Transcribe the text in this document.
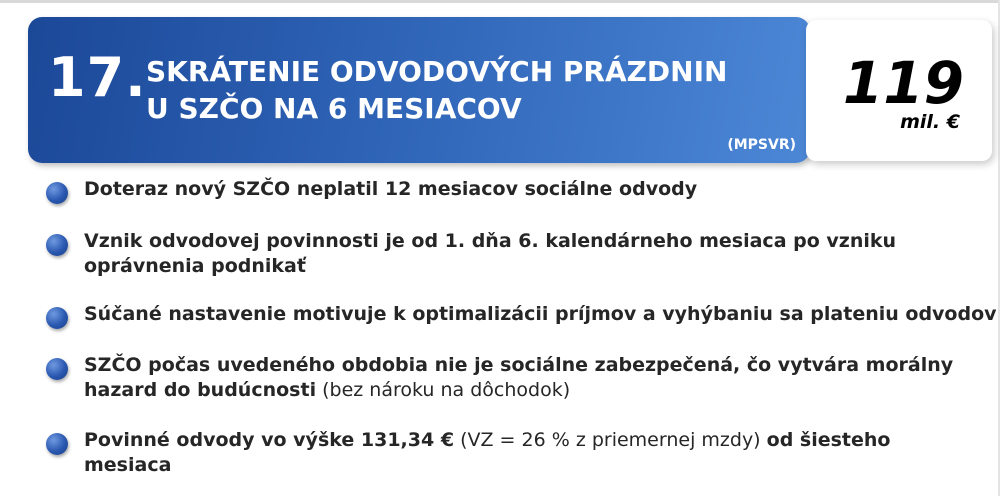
17. SKRÁTENIE ODVODOVÝCH PRÁZDNIN
U SZČO NA 6 MESIACOV
(MPSVR)
119
mil. €
Doteraz nový SZČO neplatil 12 mesiacov sociálne odvody
Vznik odvodovej povinnosti je od 1. dňa 6. kalendárneho mesiaca po vzniku
oprávnenia podnikať
Súčané nastavenie motivuje k optimalizácii príjmov a vyhýbaniu sa plateniu odvodov
SZČO počas uvedeného obdobia nie je sociálne zabezpečená, čo vytvára morálny
hazard do budúcnosti (bez nároku na dôchodok)
Povinné odvody vo výške 131,34 € (VZ = 26 % z priemernej mzdy) od šiesteho
mesiaca
